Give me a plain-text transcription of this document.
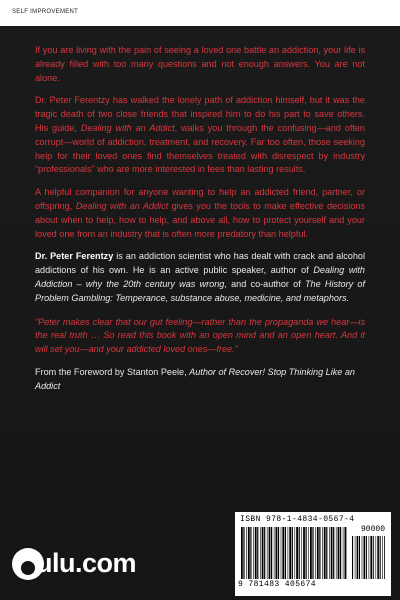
SELF IMPROVEMENT

If you are living with the pain of seeing a loved one battle an addiction, your life is already filled with too many questions and not enough answers. You are not alone.

Dr. Peter Ferentzy has walked the lonely path of addiction himself, but it was the tragic death of two close friends that inspired him to do his part to save others. His guide, Dealing with an Addict, walks you through the confusing—and often corrupt—world of addiction, treatment, and recovery. Far too often, those seeking help for their loved ones find themselves treated with disrespect by industry “professionals” who are more interested in fees than lasting results.

A helpful companion for anyone wanting to help an addicted friend, partner, or offspring, Dealing with an Addict gives you the tools to make effective decisions about when to help, how to help, and above all, how to protect yourself and your loved one from an industry that is often more predatory than helpful.

Dr. Peter Ferentzy is an addiction scientist who has dealt with crack and alcohol addictions of his own. He is an active public speaker, author of Dealing with Addiction – why the 20th century was wrong, and co-author of The History of Problem Gambling: Temperance, substance abuse, medicine, and metaphors.

“Peter makes clear that our gut feeling—rather than the propaganda we hear—is the real truth … So read this book with an open mind and an open heart. And it will set you—and your addicted loved ones—free.”

From the Foreword by Stanton Peele, Author of Recover! Stop Thinking Like an Addict

ulu.com
ISBN 978-1-4834-0567-4
90000
9 781483 405674
